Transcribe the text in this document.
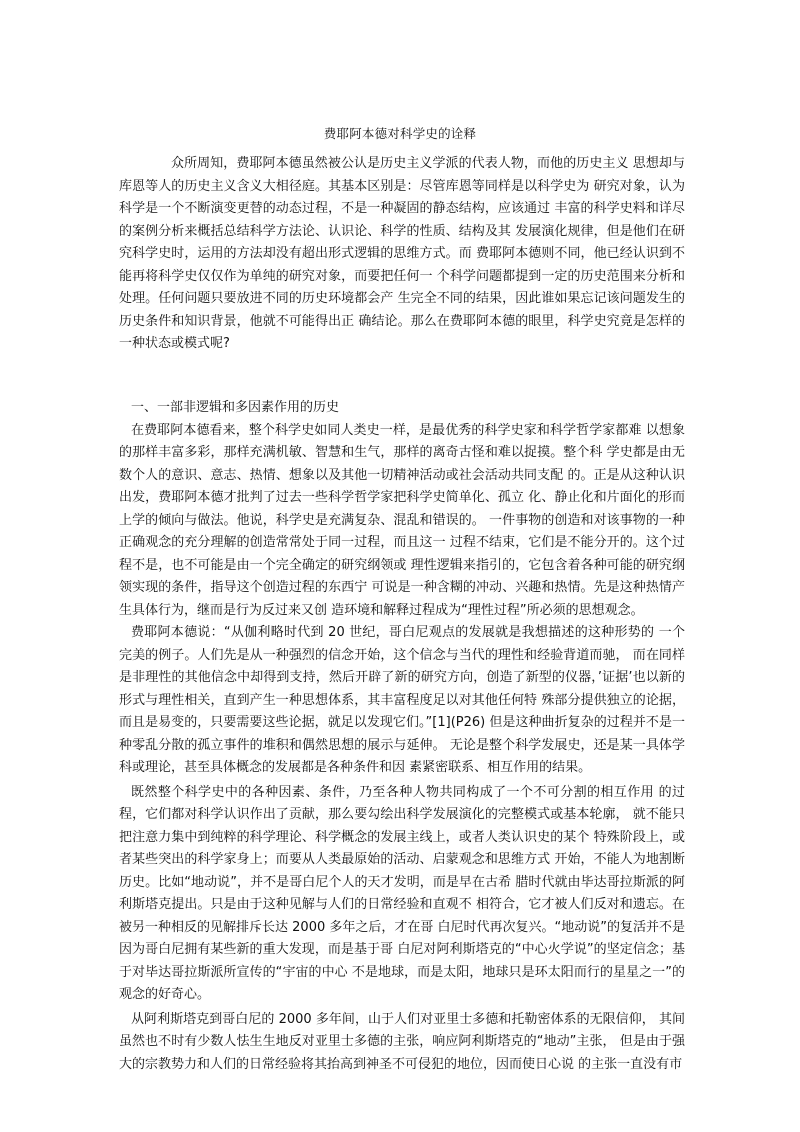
费耶阿本德对科学史的诠释

众所周知，费耶阿本德虽然被公认是历史主义学派的代表人物，而他的历史主义 思想却与库恩等人的历史主义含义大相径庭。其基本区别是：尽管库恩等同样是以科学史为 研究对象，认为科学是一个不断演变更替的动态过程，不是一种凝固的静态结构，应该通过 丰富的科学史料和详尽的案例分析来概括总结科学方法论、认识论、科学的性质、结构及其 发展演化规律，但是他们在研究科学史时，运用的方法却没有超出形式逻辑的思维方式。而 费耶阿本德则不同，他已经认识到不能再将科学史仅仅作为单纯的研究对象，而要把任何一 个科学问题都提到一定的历史范围来分析和处理。任何问题只要放进不同的历史环境都会产 生完全不同的结果，因此谁如果忘记该问题发生的历史条件和知识背景，他就不可能得出正 确结论。那么在费耶阿本德的眼里，科学史究竟是怎样的一种状态或模式呢?

一、一部非逻辑和多因素作用的历史

在费耶阿本德看来，整个科学史如同人类史一样，是最优秀的科学史家和科学哲学家都难 以想象的那样丰富多彩，那样充满机敏、智慧和生气，那样的离奇古怪和难以捉摸。整个科 学史都是由无数个人的意识、意志、热情、想象以及其他一切精神活动或社会活动共同支配 的。正是从这种认识出发，费耶阿本德才批判了过去一些科学哲学家把科学史简单化、孤立 化、静止化和片面化的形而上学的倾向与做法。他说，科学史是充满复杂、混乱和错误的。 一件事物的创造和对该事物的一种正确观念的充分理解的创造常常处于同一过程，而且这一 过程不结束，它们是不能分开的。这个过程不是，也不可能是由一个完全确定的研究纲领或 理性逻辑来指引的，它包含着各种可能的研究纲领实现的条件，指导这个创造过程的东西宁 可说是一种含糊的冲动、兴趣和热情。先是这种热情产生具体行为，继而是行为反过来又创 造环境和解释过程成为“理性过程”所必须的思想观念。

费耶阿本德说：“从伽利略时代到 20 世纪，哥白尼观点的发展就是我想描述的这种形势的 一个完美的例子。人们先是从一种强烈的信念开始，这个信念与当代的理性和经验背道而驰， 而在同样是非理性的其他信念中却得到支持，然后开辟了新的研究方向，创造了新型的仪器，’证据’也以新的形式与理性相关，直到产生一种思想体系，其丰富程度足以对其他任何特 殊部分提供独立的论据，而且是易变的，只要需要这些论据，就足以发现它们。”[1](P26) 但是这种曲折复杂的过程并不是一种零乱分散的孤立事件的堆积和偶然思想的展示与延伸。 无论是整个科学发展史，还是某一具体学科或理论，甚至具体概念的发展都是各种条件和因 素紧密联系、相互作用的结果。

既然整个科学史中的各种因素、条件，乃至各种人物共同构成了一个不可分割的相互作用 的过程，它们都对科学认识作出了贡献，那么要勾绘出科学发展演化的完整模式或基本轮廓， 就不能只把注意力集中到纯粹的科学理论、科学概念的发展主线上，或者人类认识史的某个 特殊阶段上，或者某些突出的科学家身上；而要从人类最原始的活动、启蒙观念和思维方式 开始，不能人为地割断历史。比如“地动说”，并不是哥白尼个人的天才发明，而是早在古希 腊时代就由毕达哥拉斯派的阿利斯塔克提出。只是由于这种见解与人们的日常经验和直观不 相符合，它才被人们反对和遗忘。在被另一种相反的见解排斥长达 2000 多年之后，才在哥 白尼时代再次复兴。“地动说”的复活并不是因为哥白尼拥有某些新的重大发现，而是基于哥 白尼对阿利斯塔克的“中心火学说”的坚定信念；基于对毕达哥拉斯派所宣传的“宇宙的中心 不是地球，而是太阳，地球只是环太阳而行的星星之一”的观念的好奇心。

从阿利斯塔克到哥白尼的 2000 多年间，山于人们对亚里士多德和托勒密体系的无限信仰， 其间虽然也不时有少数人怯生生地反对亚里士多德的主张，响应阿利斯塔克的“地动”主张， 但是由于强大的宗教势力和人们的日常经验将其抬高到神圣不可侵犯的地位，因而使日心说 的主张一直没有市
